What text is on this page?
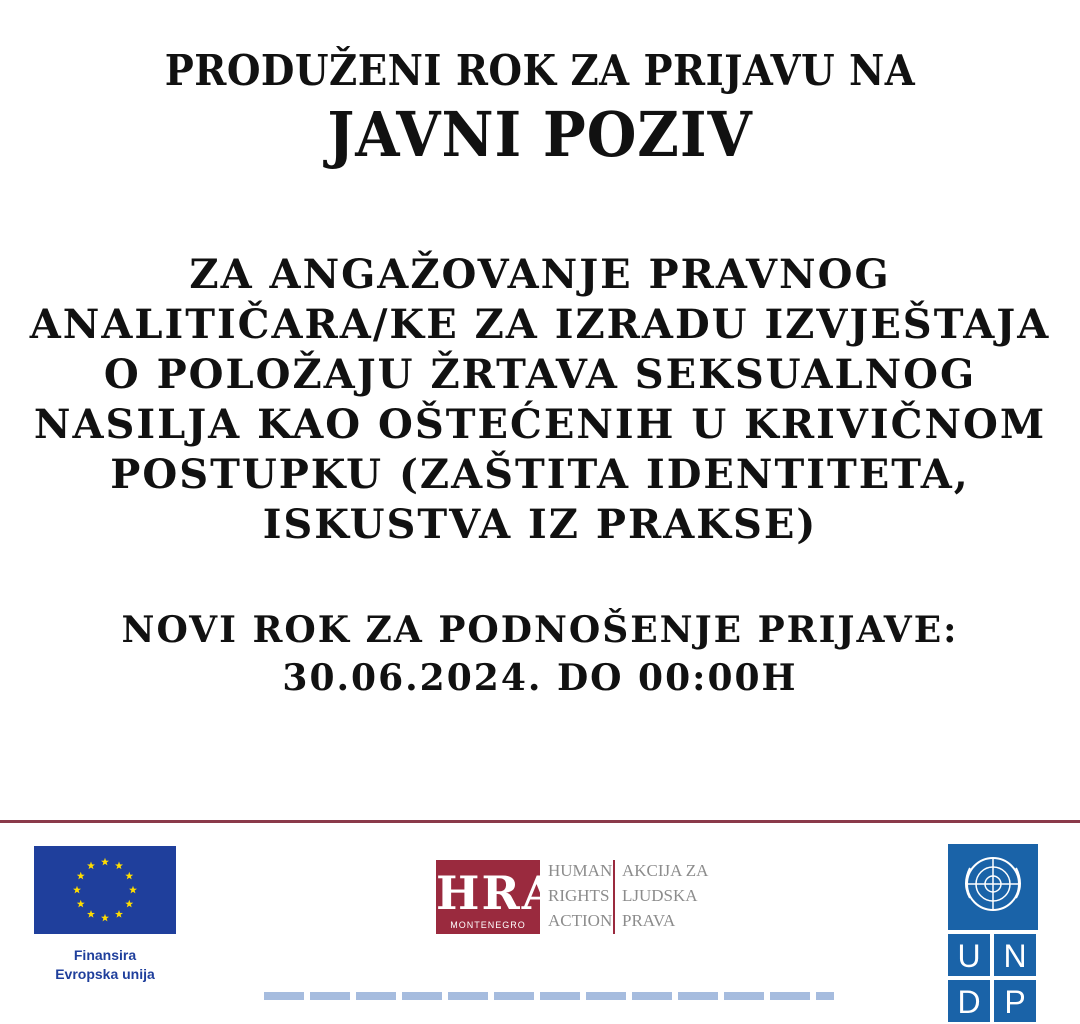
PRODUŽENI ROK ZA PRIJAVU NA
JAVNI POZIV
ZA ANGAŽOVANJE PRAVNOG
ANALITIČARA/KE ZA IZRADU IZVJEŠTAJA
O POLOŽAJU ŽRTAVA SEKSUALNOG
NASILJA KAO OŠTEĆENIH U KRIVIČNOM
POSTUPKU (ZAŠTITA IDENTITETA,
ISKUSTVA IZ PRAKSE)
NOVI ROK ZA PODNOŠENJE PRIJAVE:
30.06.2024. DO 00:00H
Finansira
Evropska unija
HRA
MONTENEGRO
HUMAN
RIGHTS
ACTION
AKCIJA ZA
LJUDSKA
PRAVA
U N
D P
